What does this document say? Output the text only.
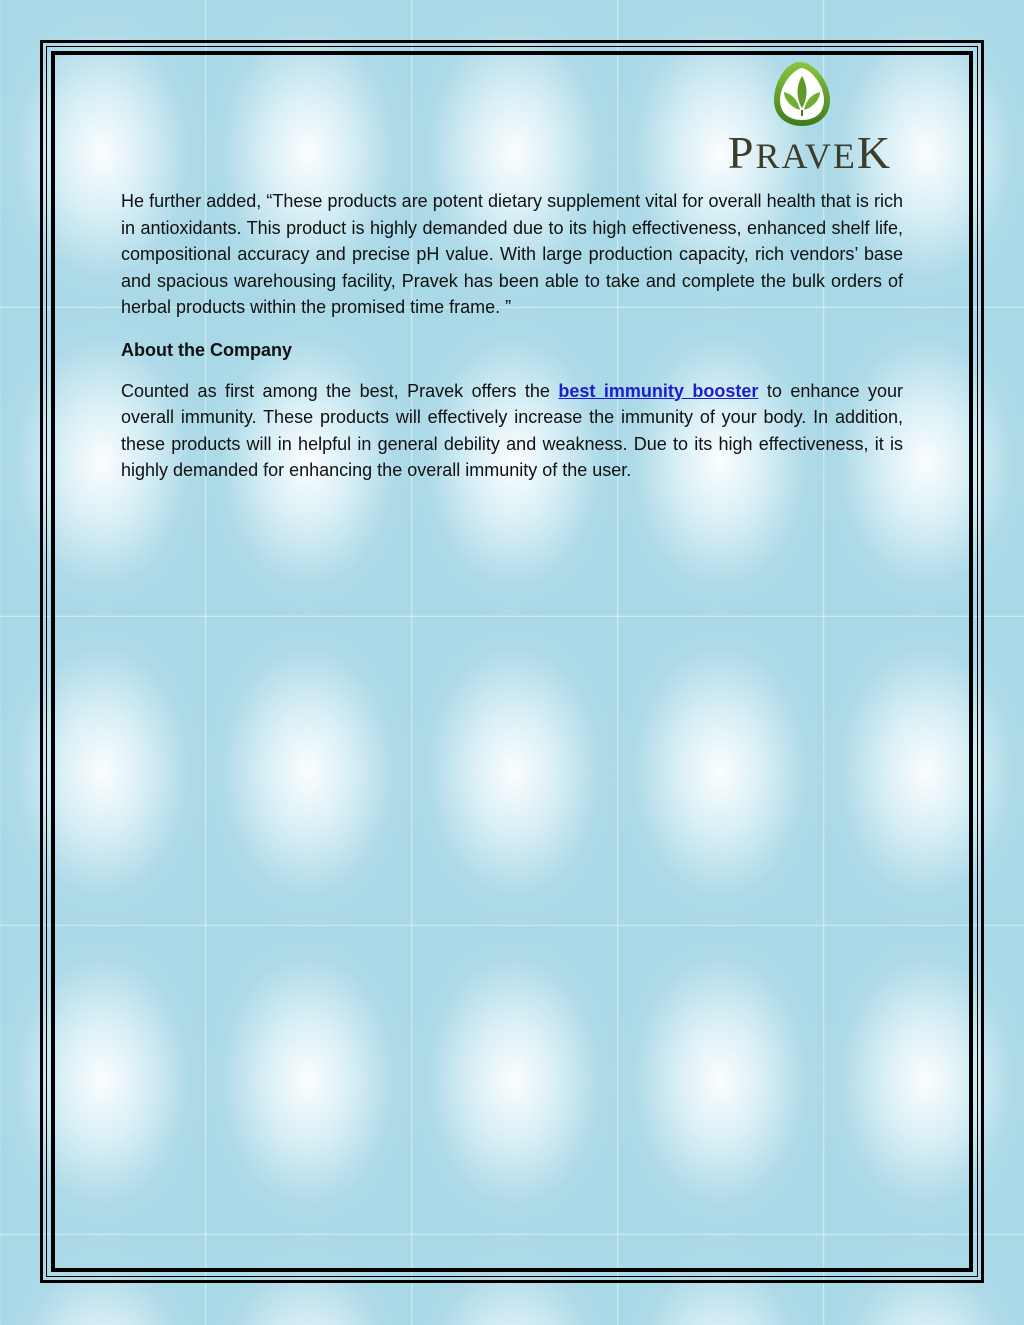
PRAVEK

He further added, “These products are potent dietary supplement vital for overall health that is rich in antioxidants. This product is highly demanded due to its high effectiveness, enhanced shelf life, compositional accuracy and precise pH value. With large production capacity, rich vendors’ base and spacious warehousing facility, Pravek has been able to take and complete the bulk orders of herbal products within the promised time frame. ”

About the Company

Counted as first among the best, Pravek offers the best immunity booster to enhance your overall immunity. These products will effectively increase the immunity of your body. In addition, these products will in helpful in general debility and weakness. Due to its high effectiveness, it is highly demanded for enhancing the overall immunity of the user.
